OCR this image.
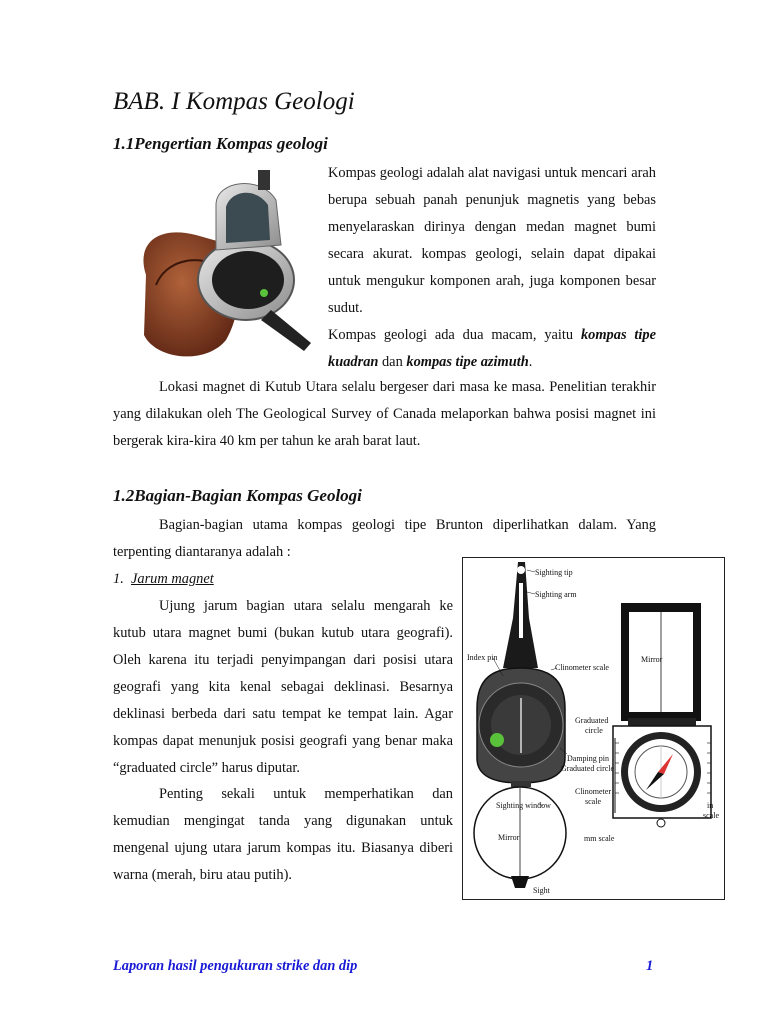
BAB. I Kompas Geologi
1.1Pengertian Kompas geologi
Kompas geologi adalah alat navigasi untuk mencari arah berupa sebuah panah penunjuk magnetis yang bebas menyelaraskan dirinya dengan medan magnet bumi secara akurat. kompas geologi, selain dapat dipakai untuk mengukur komponen arah, juga komponen besar sudut.
Kompas geologi ada dua macam, yaitu kompas tipe kuadran dan kompas tipe azimuth.
Lokasi magnet di Kutub Utara selalu bergeser dari masa ke masa. Penelitian terakhir yang dilakukan oleh The Geological Survey of Canada melaporkan bahwa posisi magnet ini bergerak kira-kira 40 km per tahun ke arah barat laut.
1.2Bagian-Bagian Kompas Geologi
Bagian-bagian utama kompas geologi tipe Brunton diperlihatkan dalam. Yang terpenting diantaranya adalah :
1. Jarum magnet
Ujung jarum bagian utara selalu mengarah ke kutub utara magnet bumi (bukan kutub utara geografi). Oleh karena itu terjadi penyimpangan dari posisi utara geografi yang kita kenal sebagai deklinasi. Besarnya deklinasi berbeda dari satu tempat ke tempat lain. Agar kompas dapat menunjuk posisi geografi yang benar maka “graduated circle” harus diputar.
Penting sekali untuk memperhatikan dan kemudian mengingat tanda yang digunakan untuk mengenal ujung utara jarum kompas itu. Biasanya diberi warna (merah, biru atau putih).
Sighting tip
Sighting arm
Index pin
Clinometer scale
Mirror
Graduated
circle
Damping pin
Graduated circle
Clinometer
scale
Sighting window	in
scale
Mirror	mm scale
Sight
Laporan hasil pengukuran strike dan dip	1
